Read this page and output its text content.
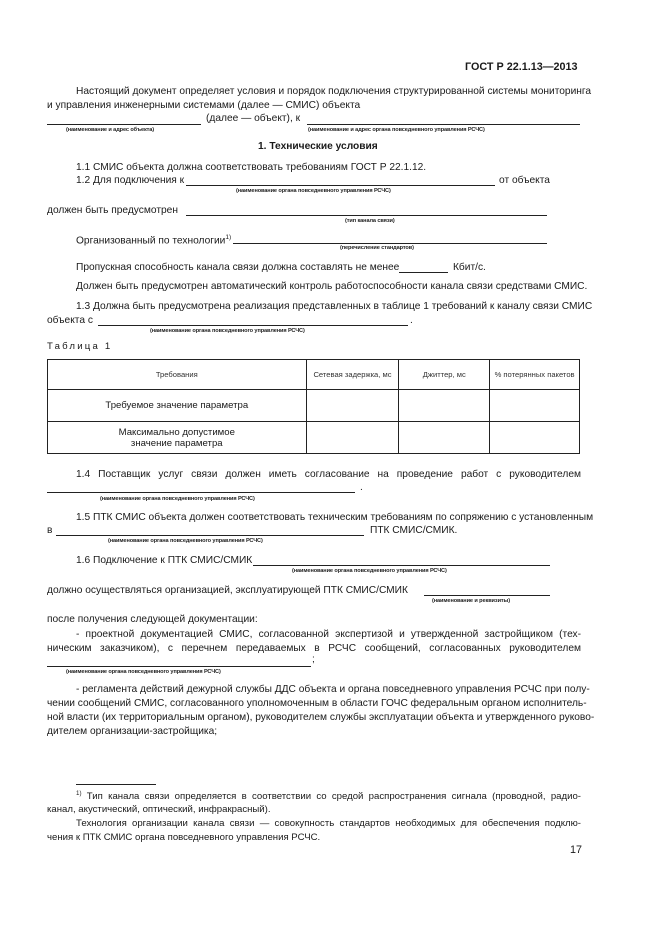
ГОСТ Р 22.1.13—2013
Настоящий документ определяет условия и порядок подключения структурированной системы мониторинга
и управления инженерными системами (далее — СМИС) объекта
(далее — объект), к
(наименование и адрес объекта)	(наименование и адрес органа повседневного управления РСЧС)
1. Технические условия
1.1 СМИС объекта должна соответствовать требованиям ГОСТ Р 22.1.12.
1.2 Для подключения к	от объекта
(наименование органа повседневного управления РСЧС)
должен быть предусмотрен
(тип канала связи)
Организованный по технологии$^{1)}$
(перечисление стандартов)
Пропускная способность канала связи должна составлять не менее	Кбит/с.
Должен быть предусмотрен автоматический контроль работоспособности канала связи средствами СМИС.
1.3 Должна быть предусмотрена реализация представленных в таблице 1 требований к каналу связи СМИС
объекта с	.
(наименование органа повседневного управления РСЧС)
Таблица 1
Требования	Сетевая задержка, мс	Джиттер, мс	% потерянных пакетов
Требуемое значение параметра			

Максимально допустимое значение параметра			

1.4 Поставщик услуг связи должен иметь согласование на проведение работ с руководителем
.
(наименование органа повседневного управления РСЧС)
1.5 ПТК СМИС объекта должен соответствовать техническим требованиям по сопряжению с установленным
в	ПТК СМИС/СМИК.
(наименование органа повседневного управления РСЧС)
1.6 Подключение к ПТК СМИС/СМИК
(наименование органа повседневного управления РСЧС)
должно осуществляться организацией, эксплуатирующей ПТК СМИС/СМИК
(наименование и реквизиты)
после получения следующей документации:
- проектной документацией СМИС, согласованной экспертизой и утвержденной застройщиком (тех-
ническим заказчиком), с перечнем передаваемых в РСЧС сообщений, согласованных руководителем
;
(наименование органа повседневного управления РСЧС)
- регламента действий дежурной службы ДДС объекта и органа повседневного управления РСЧС при полу-
чении сообщений СМИС, согласованного уполномоченным в области ГОЧС федеральным органом исполнитель-
ной власти (их территориальным органом), руководителем службы эксплуатации объекта и утвержденного руково-
дителем организации-застройщика;
$^{1)}$ Тип канала связи определяется в соответствии со средой распространения сигнала (проводной, радио-
канал, акустический, оптический, инфракрасный).
Технология организации канала связи — совокупность стандартов необходимых для обеспечения подклю-
чения к ПТК СМИС органа повседневного управления РСЧС.
17
